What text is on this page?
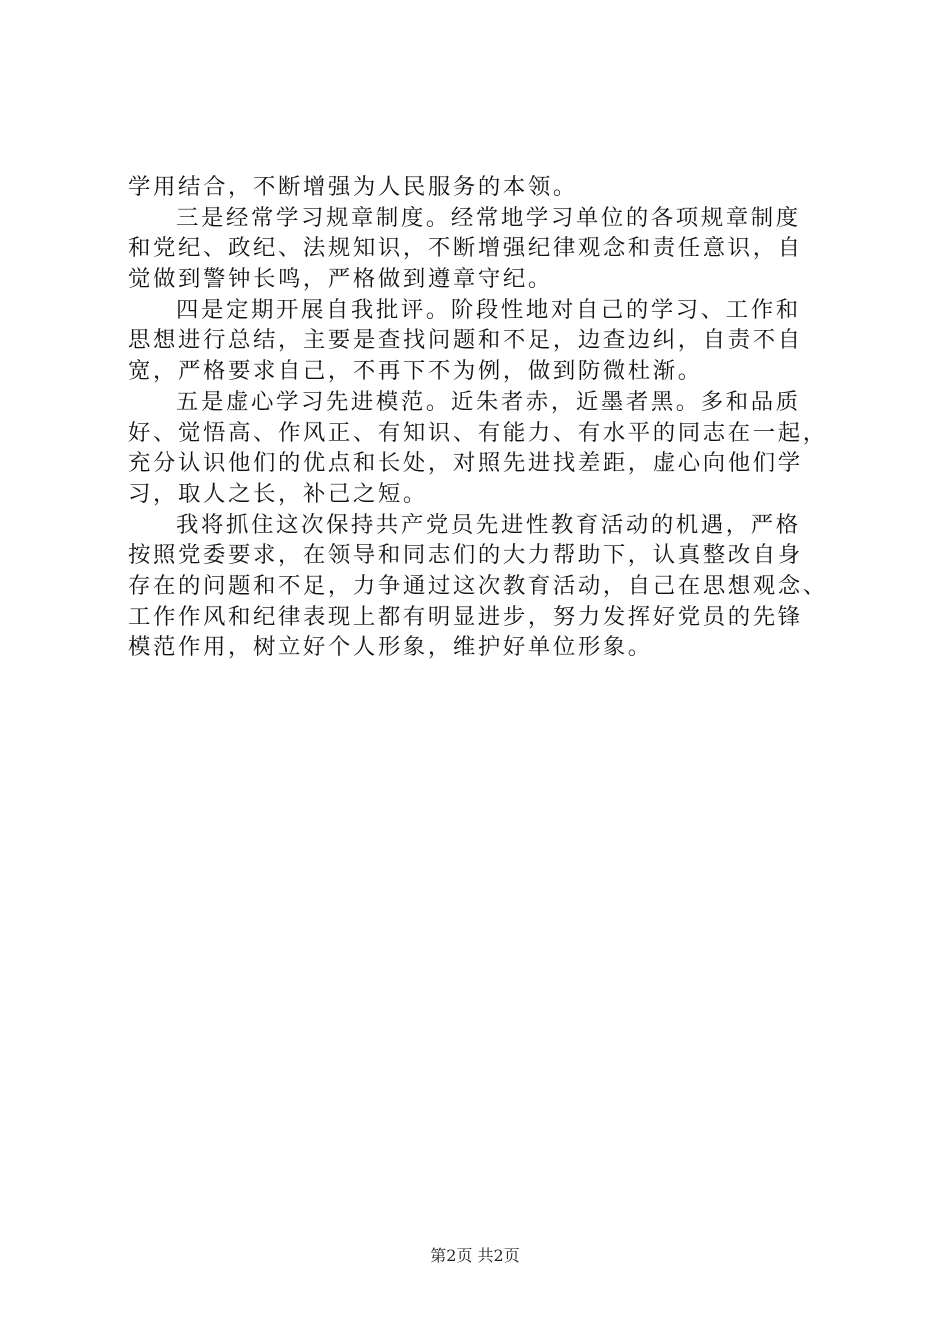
学用结合，不断增强为人民服务的本领。
三是经常学习规章制度。经常地学习单位的各项规章制度
和党纪、政纪、法规知识，不断增强纪律观念和责任意识，自
觉做到警钟长鸣，严格做到遵章守纪。
四是定期开展自我批评。阶段性地对自己的学习、工作和
思想进行总结，主要是查找问题和不足，边查边纠，自责不自
宽，严格要求自己，不再下不为例，做到防微杜渐。
五是虚心学习先进模范。近朱者赤，近墨者黑。多和品质
好、觉悟高、作风正、有知识、有能力、有水平的同志在一起，
充分认识他们的优点和长处，对照先进找差距，虚心向他们学
习，取人之长，补己之短。
我将抓住这次保持共产党员先进性教育活动的机遇，严格
按照党委要求，在领导和同志们的大力帮助下，认真整改自身
存在的问题和不足，力争通过这次教育活动，自己在思想观念、
工作作风和纪律表现上都有明显进步，努力发挥好党员的先锋
模范作用，树立好个人形象，维护好单位形象。
第2页 共2页
